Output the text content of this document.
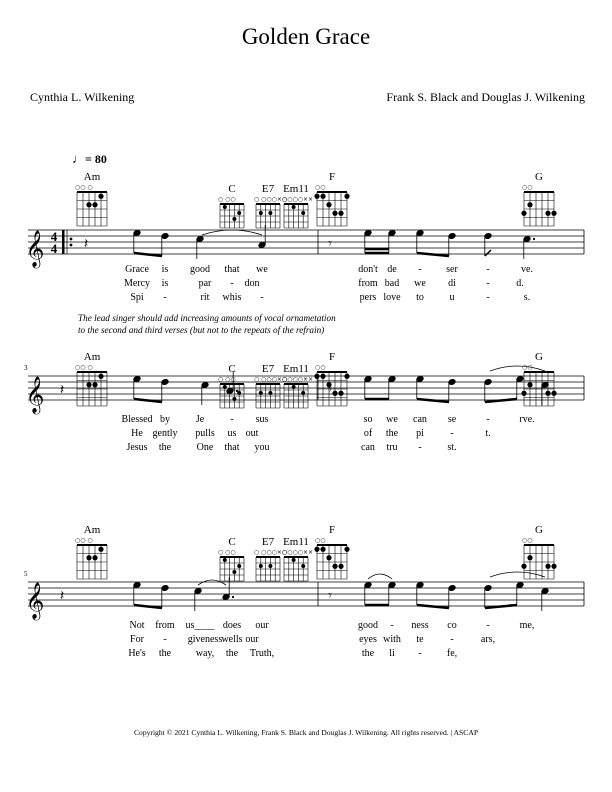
Golden Grace
Cynthia L. Wilkening	Frank S. Black and Douglas J. Wilkening
♩= 80
The lead singer should add increasing amounts of vocal ornametation
to the second and third verses (but not to the repeats of the refrain)
Copyright © 2021 Cynthia L. Wilkening, Frank S. Black and Douglas J. Wilkening. All rights reserved. | ASCAP
Am
○○ ○	C
○ ○○
E7
○ ○○○×○
Em11
○○○○××
F
○○
G
○○
Am
○○ ○	C
○ ○○
E7
○ ○○○×○
Em11
○○○○××
F
○○
G
○○
Am
○○ ○	C
○ ○○
E7
○ ○○○×○
Em11
○○○○××
F
○○
G
○○
𝄞 4
4 𝄽	𝄾
Grace is good that we	don't de - ser	-	ve.
Mercy is	par - don	from bad we di	-	d.
Spi -	rit whis -	pers love to	u	-	s.
𝄞
3
𝄽	𝄾
Blessed by	Je	- sus	so we can se	-	rve.
He gently pulls us out	of the pi	-	t.
Jesus the	One that you	can tru -	st.
𝄞
5
𝄽	𝄾
Not from us____ does our	good - ness co	-	me,
For - giveness wells our	eyes with te	-	ars,
He's the way, the Truth,	the li -	fe,
